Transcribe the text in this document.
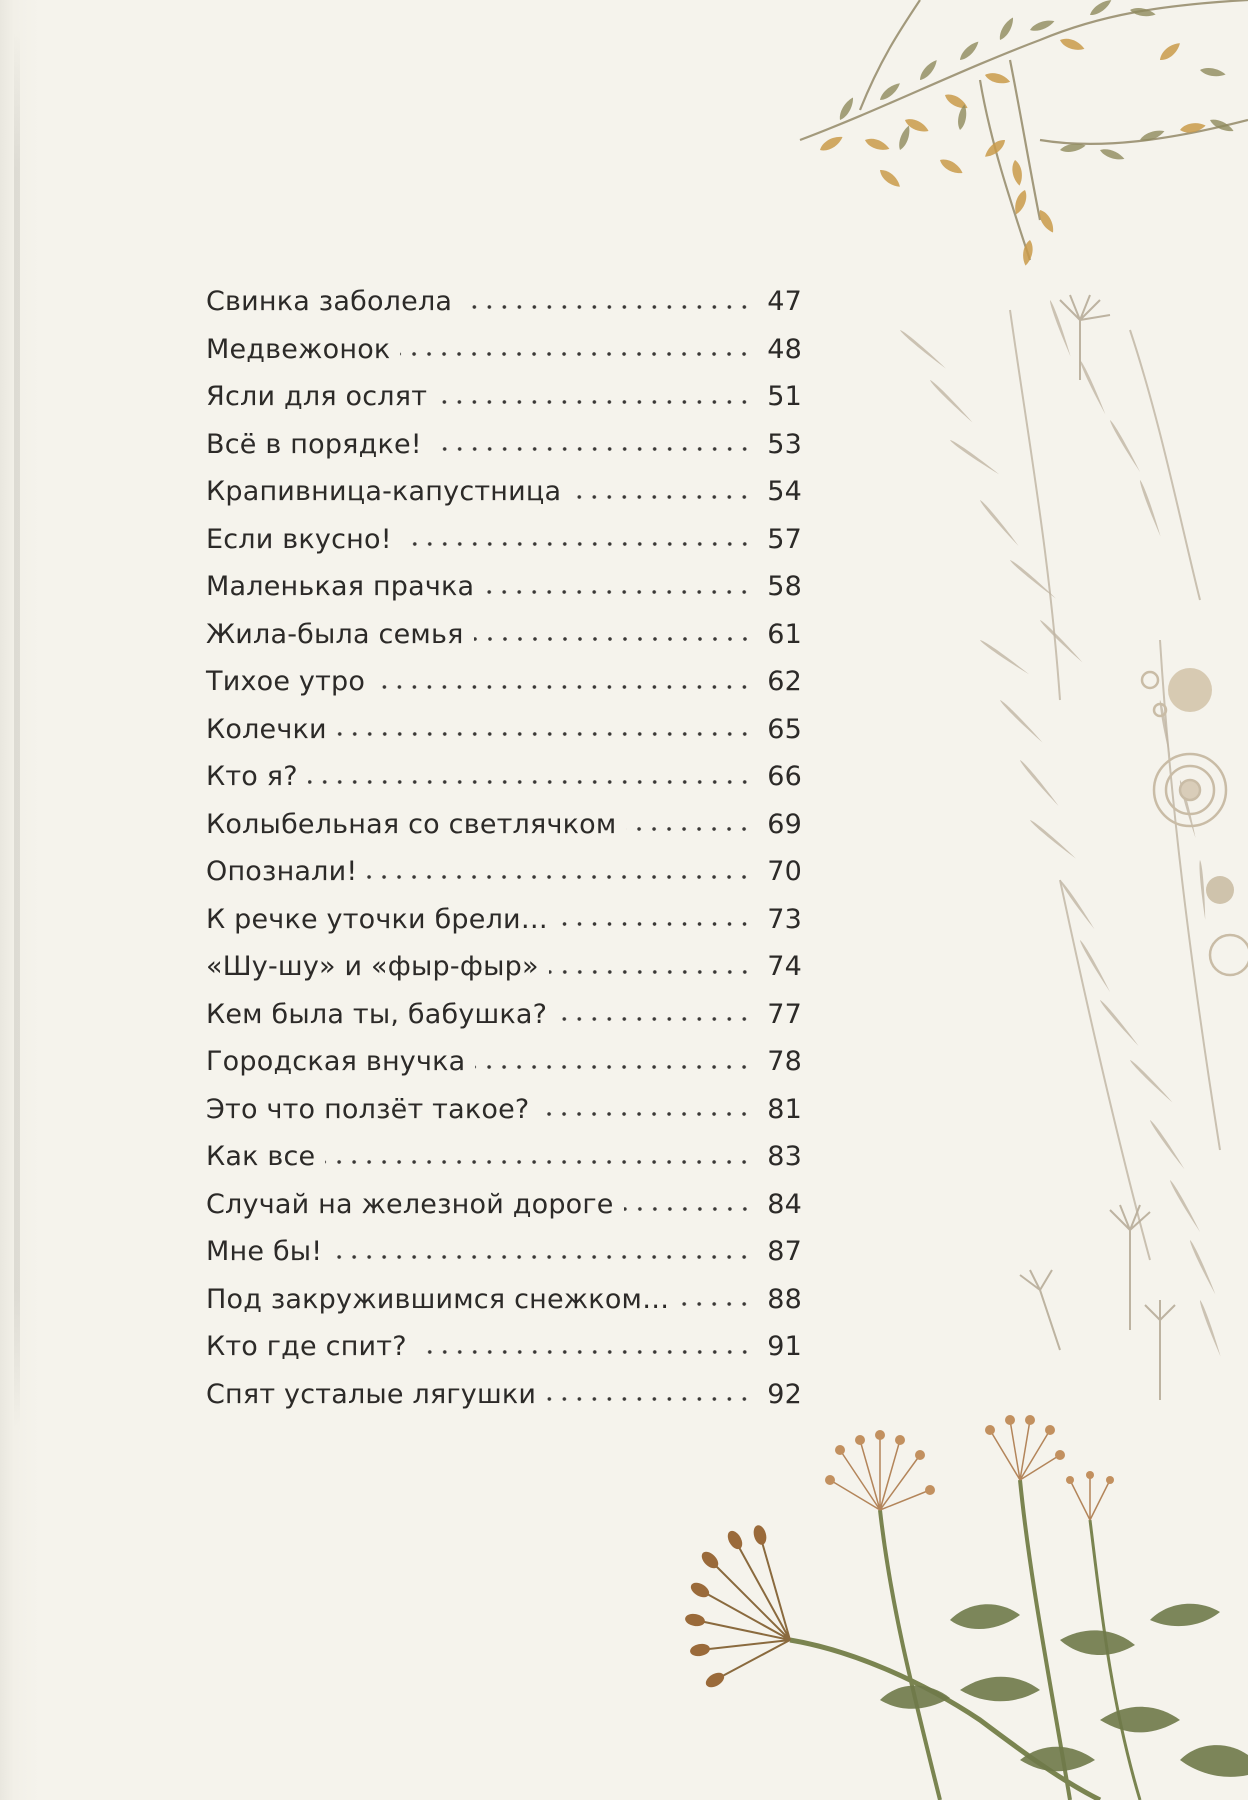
Свинка заболела	47
Медвежонок	48
Ясли для ослят	51
Всё в порядке!	53
Крапивница-капустница	54
Если вкусно!	57
Маленькая прачка	58
Жила-была семья	61
Тихое утро	62
Колечки	65
Кто я?	66
Колыбельная со светлячком	69
Опознали!	70
К речке уточки брели…	73
«Шу-шу» и «фыр-фыр»	74
Кем была ты, бабушка?	77
Городская внучка	78
Это что ползёт такое?	81
Как все	83
Случай на железной дороге	84
Мне бы!	87
Под закружившимся снежком…	88
Кто где спит?	91
Спят усталые лягушки	92
